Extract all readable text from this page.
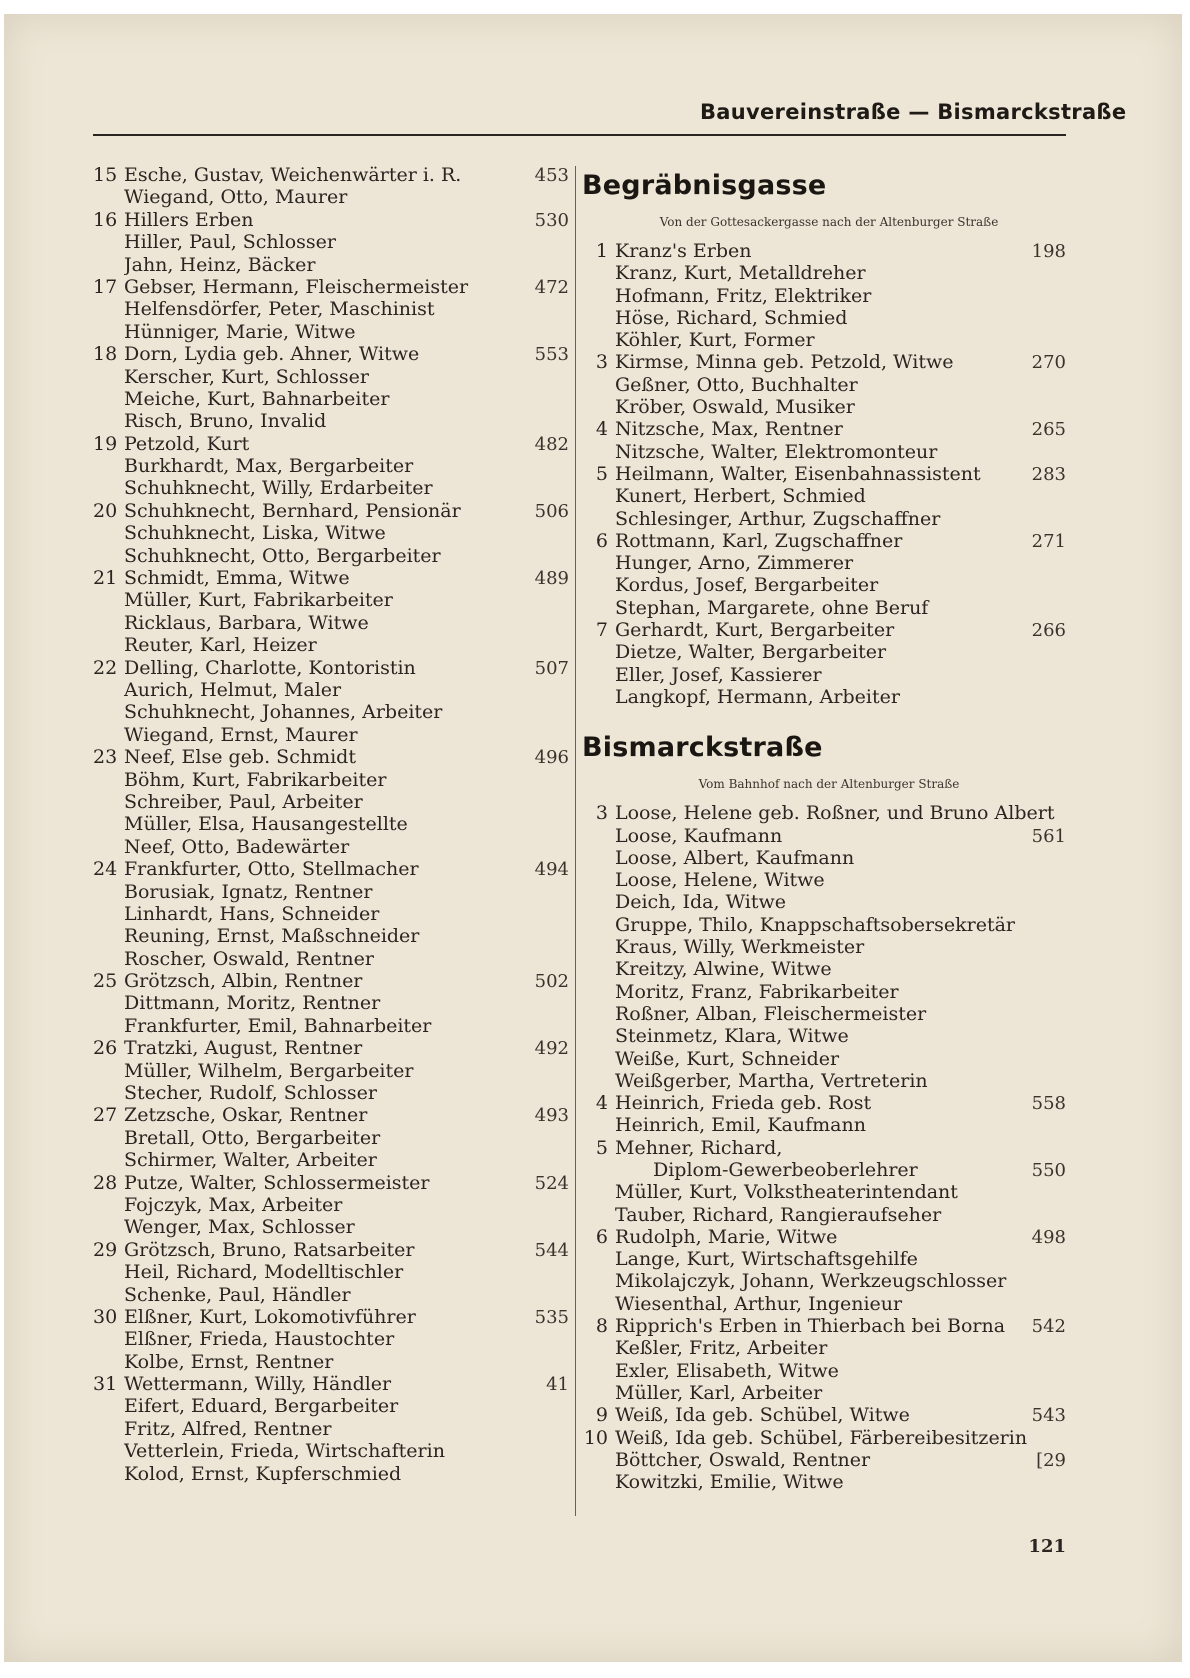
Bauvereinstraße — Bismarckstraße
15 Esche, Gustav, Weichenwärter i. R.	453
Wiegand, Otto, Maurer
16 Hillers Erben	530
Hiller, Paul, Schlosser
Jahn, Heinz, Bäcker
17 Gebser, Hermann, Fleischermeister	472
Helfensdörfer, Peter, Maschinist
Hünniger, Marie, Witwe
18 Dorn, Lydia geb. Ahner, Witwe	553
Kerscher, Kurt, Schlosser
Meiche, Kurt, Bahnarbeiter
Risch, Bruno, Invalid
19 Petzold, Kurt	482
Burkhardt, Max, Bergarbeiter
Schuhknecht, Willy, Erdarbeiter
20 Schuhknecht, Bernhard, Pensionär	506
Schuhknecht, Liska, Witwe
Schuhknecht, Otto, Bergarbeiter
21 Schmidt, Emma, Witwe	489
Müller, Kurt, Fabrikarbeiter
Ricklaus, Barbara, Witwe
Reuter, Karl, Heizer
22 Delling, Charlotte, Kontoristin	507
Aurich, Helmut, Maler
Schuhknecht, Johannes, Arbeiter
Wiegand, Ernst, Maurer
23 Neef, Else geb. Schmidt	496
Böhm, Kurt, Fabrikarbeiter
Schreiber, Paul, Arbeiter
Müller, Elsa, Hausangestellte
Neef, Otto, Badewärter
24 Frankfurter, Otto, Stellmacher	494
Borusiak, Ignatz, Rentner
Linhardt, Hans, Schneider
Reuning, Ernst, Maßschneider
Roscher, Oswald, Rentner
25 Grötzsch, Albin, Rentner	502
Dittmann, Moritz, Rentner
Frankfurter, Emil, Bahnarbeiter
26 Tratzki, August, Rentner	492
Müller, Wilhelm, Bergarbeiter
Stecher, Rudolf, Schlosser
27 Zetzsche, Oskar, Rentner	493
Bretall, Otto, Bergarbeiter
Schirmer, Walter, Arbeiter
28 Putze, Walter, Schlossermeister	524
Fojczyk, Max, Arbeiter
Wenger, Max, Schlosser
29 Grötzsch, Bruno, Ratsarbeiter	544
Heil, Richard, Modelltischler
Schenke, Paul, Händler
30 Elßner, Kurt, Lokomotivführer	535
Elßner, Frieda, Haustochter
Kolbe, Ernst, Rentner
31 Wettermann, Willy, Händler	41
Eifert, Eduard, Bergarbeiter
Fritz, Alfred, Rentner
Vetterlein, Frieda, Wirtschafterin
Kolod, Ernst, Kupferschmied
Begräbnisgasse
Von der Gottesackergasse nach der Altenburger Straße
1 Kranz's Erben	198
Kranz, Kurt, Metalldreher
Hofmann, Fritz, Elektriker
Höse, Richard, Schmied
Köhler, Kurt, Former
3 Kirmse, Minna geb. Petzold, Witwe	270
Geßner, Otto, Buchhalter
Kröber, Oswald, Musiker
4 Nitzsche, Max, Rentner	265
Nitzsche, Walter, Elektromonteur
5 Heilmann, Walter, Eisenbahnassistent	283
Kunert, Herbert, Schmied
Schlesinger, Arthur, Zugschaffner
6 Rottmann, Karl, Zugschaffner	271
Hunger, Arno, Zimmerer
Kordus, Josef, Bergarbeiter
Stephan, Margarete, ohne Beruf
7 Gerhardt, Kurt, Bergarbeiter	266
Dietze, Walter, Bergarbeiter
Eller, Josef, Kassierer
Langkopf, Hermann, Arbeiter
Bismarckstraße
Vom Bahnhof nach der Altenburger Straße
3 Loose, Helene geb. Roßner, und Bruno Albert
Loose, Kaufmann	561
Loose, Albert, Kaufmann
Loose, Helene, Witwe
Deich, Ida, Witwe
Gruppe, Thilo, Knappschaftsobersekretär
Kraus, Willy, Werkmeister
Kreitzy, Alwine, Witwe
Moritz, Franz, Fabrikarbeiter
Roßner, Alban, Fleischermeister
Steinmetz, Klara, Witwe
Weiße, Kurt, Schneider
Weißgerber, Martha, Vertreterin
4 Heinrich, Frieda geb. Rost	558
Heinrich, Emil, Kaufmann
5 Mehner, Richard,
Diplom-Gewerbeoberlehrer	550
Müller, Kurt, Volkstheaterintendant
Tauber, Richard, Rangieraufseher
6 Rudolph, Marie, Witwe	498
Lange, Kurt, Wirtschaftsgehilfe
Mikolajczyk, Johann, Werkzeugschlosser
Wiesenthal, Arthur, Ingenieur
8 Ripprich's Erben in Thierbach bei Borna	542
Keßler, Fritz, Arbeiter
Exler, Elisabeth, Witwe
Müller, Karl, Arbeiter
9 Weiß, Ida geb. Schübel, Witwe	543
10 Weiß, Ida geb. Schübel, Färbereibesitzerin
Böttcher, Oswald, Rentner	[29
Kowitzki, Emilie, Witwe
121
